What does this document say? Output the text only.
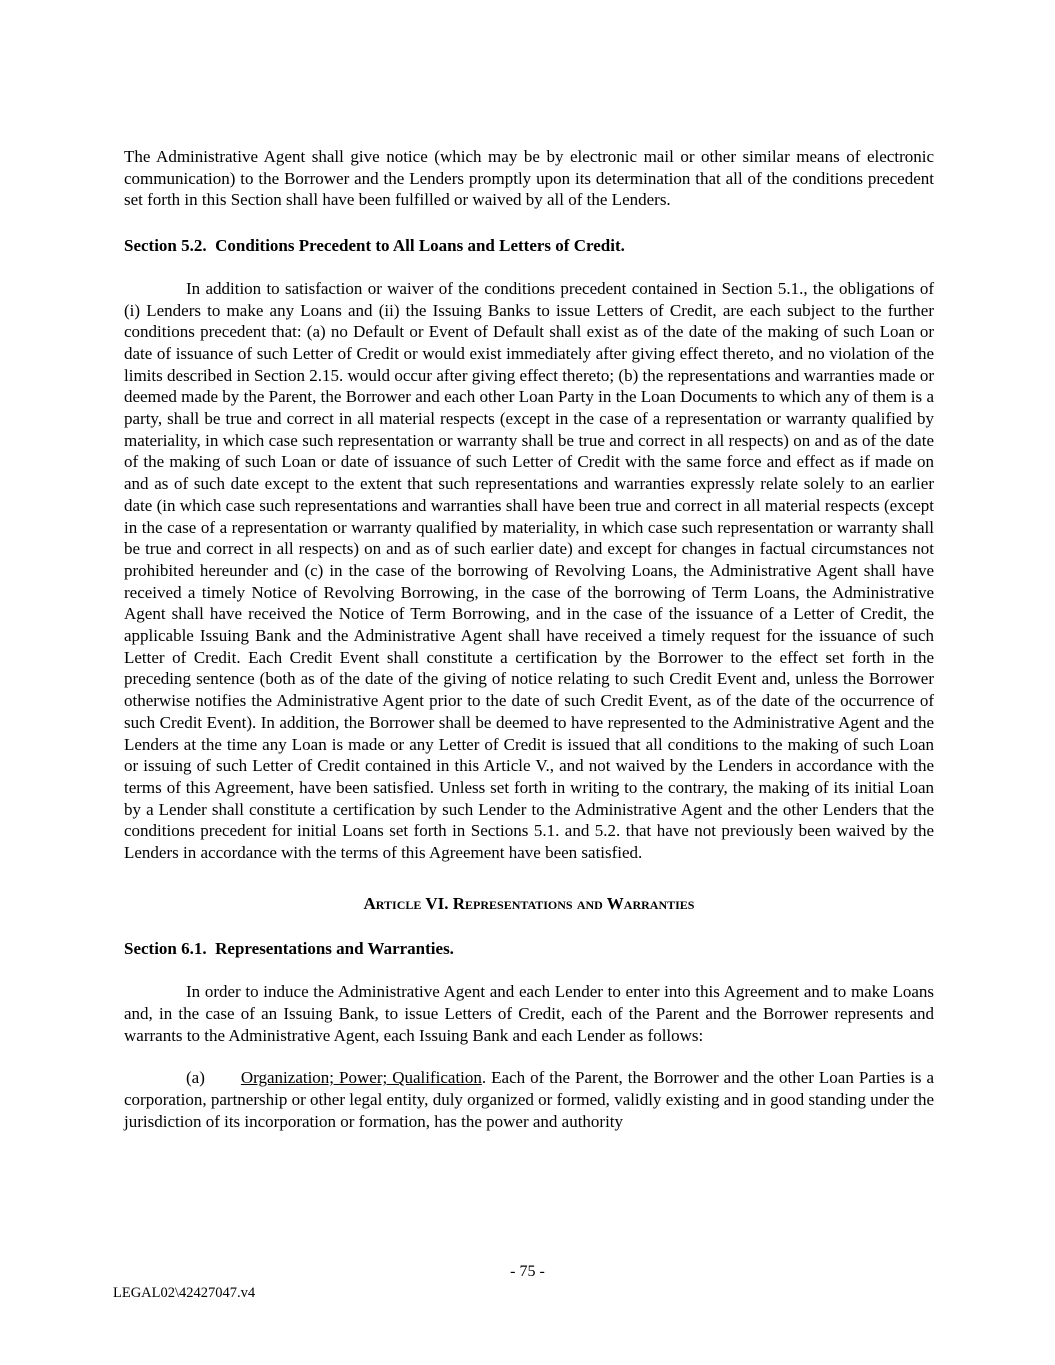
The Administrative Agent shall give notice (which may be by electronic mail or other similar means of electronic communication) to the Borrower and the Lenders promptly upon its determination that all of the conditions precedent set forth in this Section shall have been fulfilled or waived by all of the Lenders.

Section 5.2.  Conditions Precedent to All Loans and Letters of Credit.

In addition to satisfaction or waiver of the conditions precedent contained in Section 5.1., the obligations of (i) Lenders to make any Loans and (ii) the Issuing Banks to issue Letters of Credit, are each subject to the further conditions precedent that: (a) no Default or Event of Default shall exist as of the date of the making of such Loan or date of issuance of such Letter of Credit or would exist immediately after giving effect thereto, and no violation of the limits described in Section 2.15. would occur after giving effect thereto; (b) the representations and warranties made or deemed made by the Parent, the Borrower and each other Loan Party in the Loan Documents to which any of them is a party, shall be true and correct in all material respects (except in the case of a representation or warranty qualified by materiality, in which case such representation or warranty shall be true and correct in all respects) on and as of the date of the making of such Loan or date of issuance of such Letter of Credit with the same force and effect as if made on and as of such date except to the extent that such representations and warranties expressly relate solely to an earlier date (in which case such representations and warranties shall have been true and correct in all material respects (except in the case of a representation or warranty qualified by materiality, in which case such representation or warranty shall be true and correct in all respects) on and as of such earlier date) and except for changes in factual circumstances not prohibited hereunder and (c) in the case of the borrowing of Revolving Loans, the Administrative Agent shall have received a timely Notice of Revolving Borrowing, in the case of the borrowing of Term Loans, the Administrative Agent shall have received the Notice of Term Borrowing, and in the case of the issuance of a Letter of Credit, the applicable Issuing Bank and the Administrative Agent shall have received a timely request for the issuance of such Letter of Credit. Each Credit Event shall constitute a certification by the Borrower to the effect set forth in the preceding sentence (both as of the date of the giving of notice relating to such Credit Event and, unless the Borrower otherwise notifies the Administrative Agent prior to the date of such Credit Event, as of the date of the occurrence of such Credit Event). In addition, the Borrower shall be deemed to have represented to the Administrative Agent and the Lenders at the time any Loan is made or any Letter of Credit is issued that all conditions to the making of such Loan or issuing of such Letter of Credit contained in this Article V., and not waived by the Lenders in accordance with the terms of this Agreement, have been satisfied. Unless set forth in writing to the contrary, the making of its initial Loan by a Lender shall constitute a certification by such Lender to the Administrative Agent and the other Lenders that the conditions precedent for initial Loans set forth in Sections 5.1. and 5.2. that have not previously been waived by the Lenders in accordance with the terms of this Agreement have been satisfied.

Article VI. Representations and Warranties
Section 6.1.  Representations and Warranties.

In order to induce the Administrative Agent and each Lender to enter into this Agreement and to make Loans and, in the case of an Issuing Bank, to issue Letters of Credit, each of the Parent and the Borrower represents and warrants to the Administrative Agent, each Issuing Bank and each Lender as follows:

(a) Organization; Power; Qualification. Each of the Parent, the Borrower and the other Loan Parties is a corporation, partnership or other legal entity, duly organized or formed, validly existing and in good standing under the jurisdiction of its incorporation or formation, has the power and authority

- 75 -
LEGAL02\42427047.v4
